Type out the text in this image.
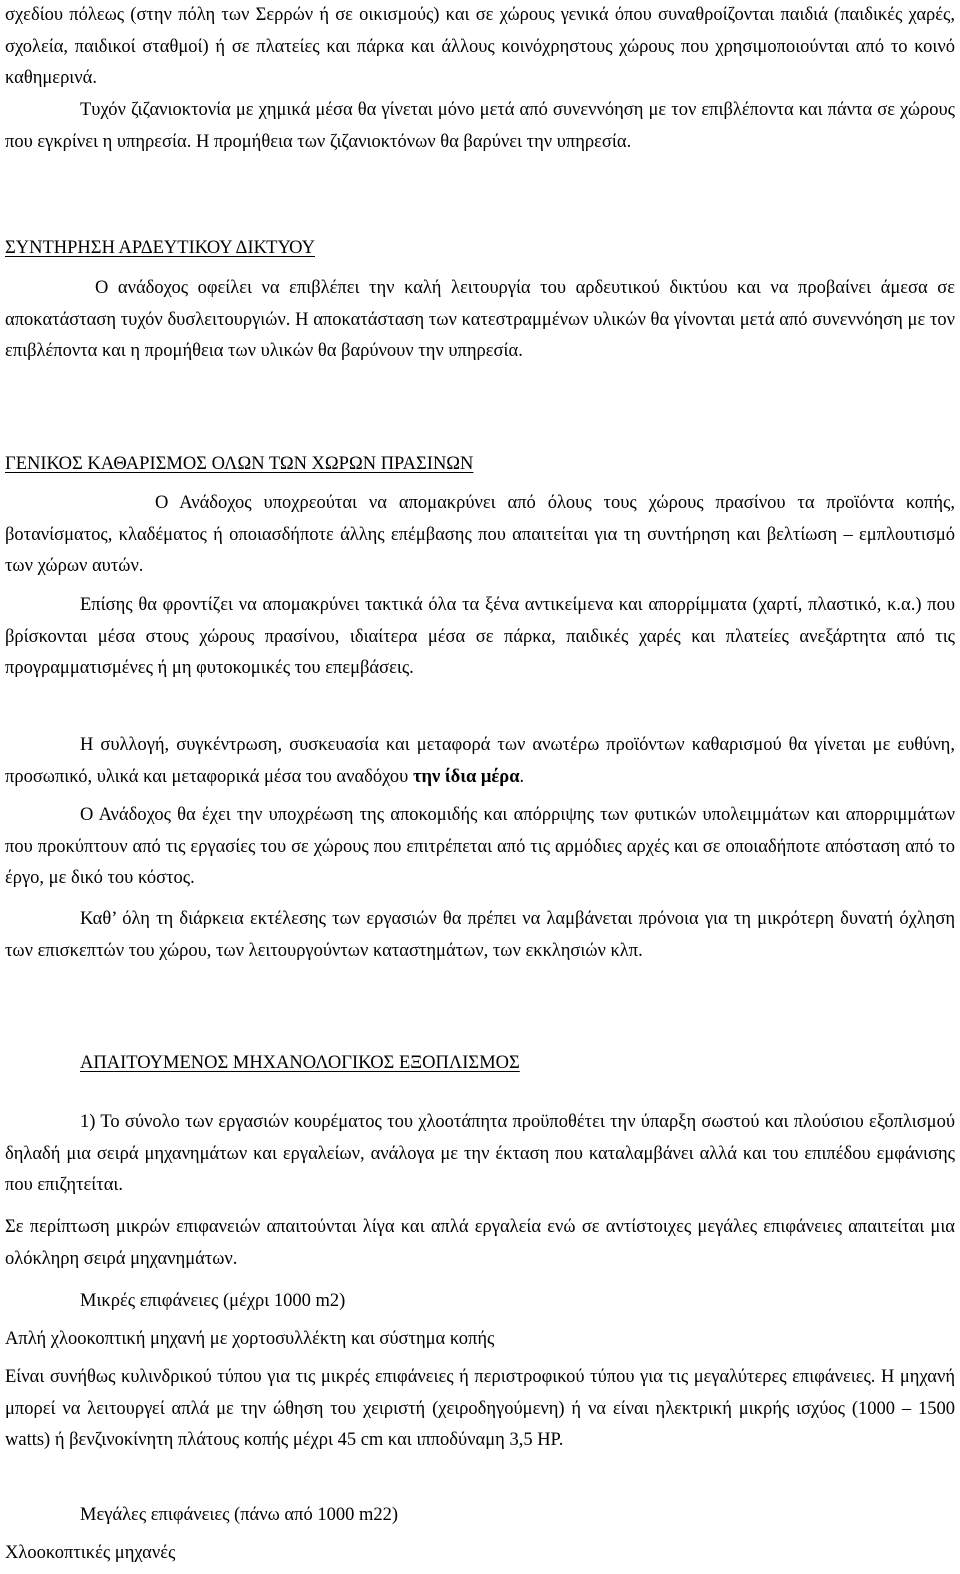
σχεδίου πόλεως (στην πόλη των Σερρών ή σε οικισμούς) και σε χώρους γενικά όπου συναθροίζονται παιδιά (παιδικές χαρές, σχολεία, παιδικοί σταθμοί) ή σε πλατείες και πάρκα και άλλους κοινόχρηστους χώρους που χρησιμοποιούνται από το κοινό καθημερινά.

Τυχόν ζιζανιοκτονία με χημικά μέσα θα γίνεται μόνο μετά από συνεννόηση με τον επιβλέποντα και πάντα σε χώρους που εγκρίνει η υπηρεσία. Η προμήθεια των ζιζανιοκτόνων θα βαρύνει την υπηρεσία.

ΣΥΝΤΗΡΗΣΗ ΑΡΔΕΥΤΙΚΟΥ ΔΙΚΤΥΟΥ

Ο ανάδοχος οφείλει να επιβλέπει την καλή λειτουργία του αρδευτικού δικτύου και να προβαίνει άμεσα σε αποκατάσταση τυχόν δυσλειτουργιών. Η αποκατάσταση των κατεστραμμένων υλικών θα γίνονται μετά από συνεννόηση με τον επιβλέποντα και η προμήθεια των υλικών θα βαρύνουν την υπηρεσία.

ΓΕΝΙΚΟΣ ΚΑΘΑΡΙΣΜΟΣ ΟΛΩΝ ΤΩΝ ΧΩΡΩΝ ΠΡΑΣΙΝΩΝ

Ο Ανάδοχος υποχρεούται να απομακρύνει από όλους τους χώρους πρασίνου τα προϊόντα κοπής, βοτανίσματος, κλαδέματος ή οποιασδήποτε άλλης επέμβασης που απαιτείται για τη συντήρηση και βελτίωση – εμπλουτισμό των χώρων αυτών.

Επίσης θα φροντίζει να απομακρύνει τακτικά όλα τα ξένα αντικείμενα και απορρίμματα (χαρτί, πλαστικό, κ.α.) που βρίσκονται μέσα στους χώρους πρασίνου, ιδιαίτερα μέσα σε πάρκα, παιδικές χαρές και πλατείες ανεξάρτητα από τις προγραμματισμένες ή μη φυτοκομικές του επεμβάσεις.

Η συλλογή, συγκέντρωση, συσκευασία και μεταφορά των ανωτέρω προϊόντων καθαρισμού θα γίνεται με ευθύνη, προσωπικό, υλικά και μεταφορικά μέσα του αναδόχου την ίδια μέρα.

Ο Ανάδοχος θα έχει την υποχρέωση της αποκομιδής και απόρριψης των φυτικών υπολειμμάτων και απορριμμάτων που προκύπτουν από τις εργασίες του σε χώρους που επιτρέπεται από τις αρμόδιες αρχές και σε οποιαδήποτε απόσταση από το έργο, με δικό του κόστος.

Καθ’ όλη τη διάρκεια εκτέλεσης των εργασιών θα πρέπει να λαμβάνεται πρόνοια για τη μικρότερη δυνατή όχληση των επισκεπτών του χώρου, των λειτουργούντων καταστημάτων, των εκκλησιών κλπ.

ΑΠΑΙΤΟΥΜΕΝΟΣ ΜΗΧΑΝΟΛΟΓΙΚΟΣ ΕΞΟΠΛΙΣΜΟΣ

1) Το σύνολο των εργασιών κουρέματος του χλοοτάπητα προϋποθέτει την ύπαρξη σωστού και πλούσιου εξοπλισμού δηλαδή μια σειρά μηχανημάτων και εργαλείων, ανάλογα με την έκταση που καταλαμβάνει αλλά και του επιπέδου εμφάνισης που επιζητείται.

Σε περίπτωση μικρών επιφανειών απαιτούνται λίγα και απλά εργαλεία ενώ σε αντίστοιχες μεγάλες επιφάνειες απαιτείται μια ολόκληρη σειρά μηχανημάτων.

Μικρές επιφάνειες (μέχρι 1000 m2)

Απλή χλοοκοπτική μηχανή με χορτοσυλλέκτη και σύστημα κοπής

Είναι συνήθως κυλινδρικού τύπου για τις μικρές επιφάνειες ή περιστροφικού τύπου για τις μεγαλύτερες επιφάνειες. Η μηχανή μπορεί να λειτουργεί απλά με την ώθηση του χειριστή (χειροδηγούμενη) ή να είναι ηλεκτρική μικρής ισχύος (1000 – 1500 watts) ή βενζινοκίνητη πλάτους κοπής μέχρι 45 cm και ιπποδύναμη 3,5 HP.

Μεγάλες επιφάνειες (πάνω από 1000 m22)

Χλοοκοπτικές μηχανές
